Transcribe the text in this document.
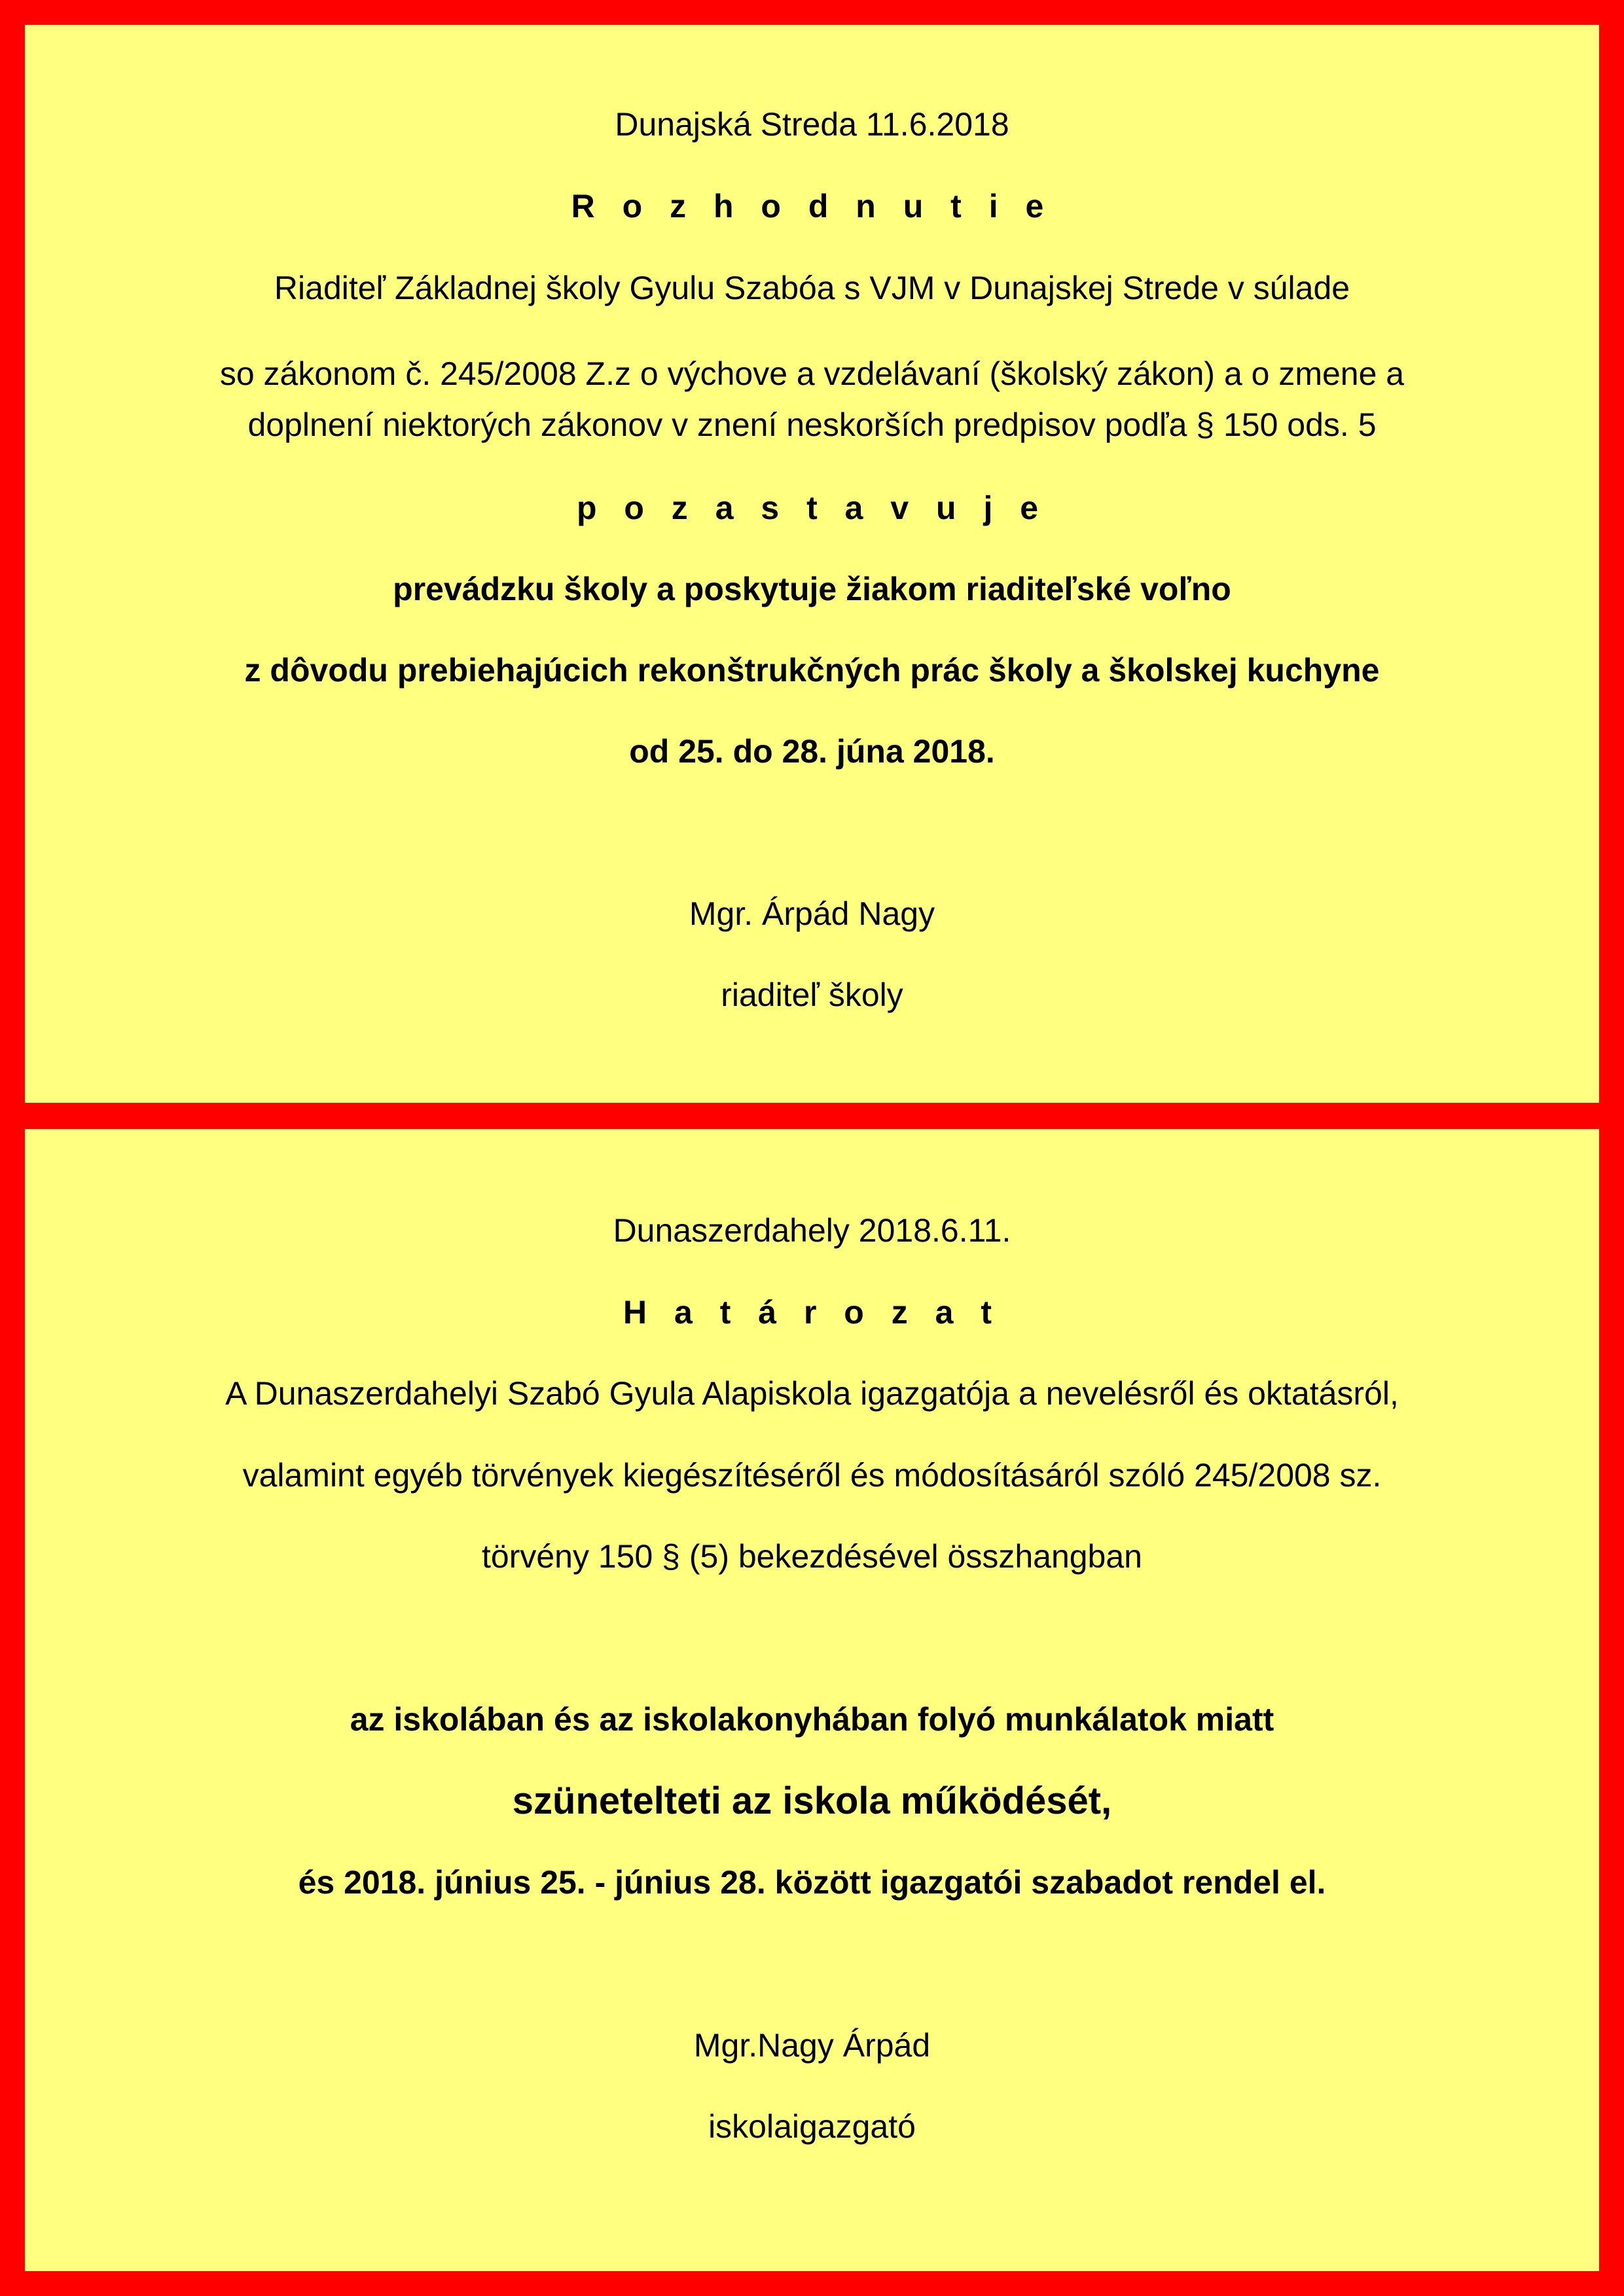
Dunajská Streda 11.6.2018

R o z h o d n u t i e

Riaditeľ Základnej školy Gyulu Szabóa s VJM v Dunajskej Strede v súlade

so zákonom č. 245/2008 Z.z o výchove a vzdelávaní (školský zákon) a o zmene a

doplnení niektorých zákonov v znení neskorších predpisov podľa § 150 ods. 5

p o z a s t a v u j e

prevádzku školy a poskytuje žiakom riaditeľské voľno

z dôvodu prebiehajúcich rekonštrukčných prác školy a školskej kuchyne

od 25. do 28. júna 2018.

Mgr. Árpád Nagy

riaditeľ školy

Dunaszerdahely 2018.6.11.

H a t á r o z a t

A Dunaszerdahelyi Szabó Gyula Alapiskola igazgatója a nevelésről és oktatásról,

valamint egyéb törvények kiegészítéséről és módosításáról szóló 245/2008 sz.

törvény 150 § (5) bekezdésével összhangban

az iskolában és az iskolakonyhában folyó munkálatok miatt

szünetelteti az iskola működését,

és 2018. június 25. - június 28. között igazgatói szabadot rendel el.

Mgr.Nagy Árpád

iskolaigazgató
